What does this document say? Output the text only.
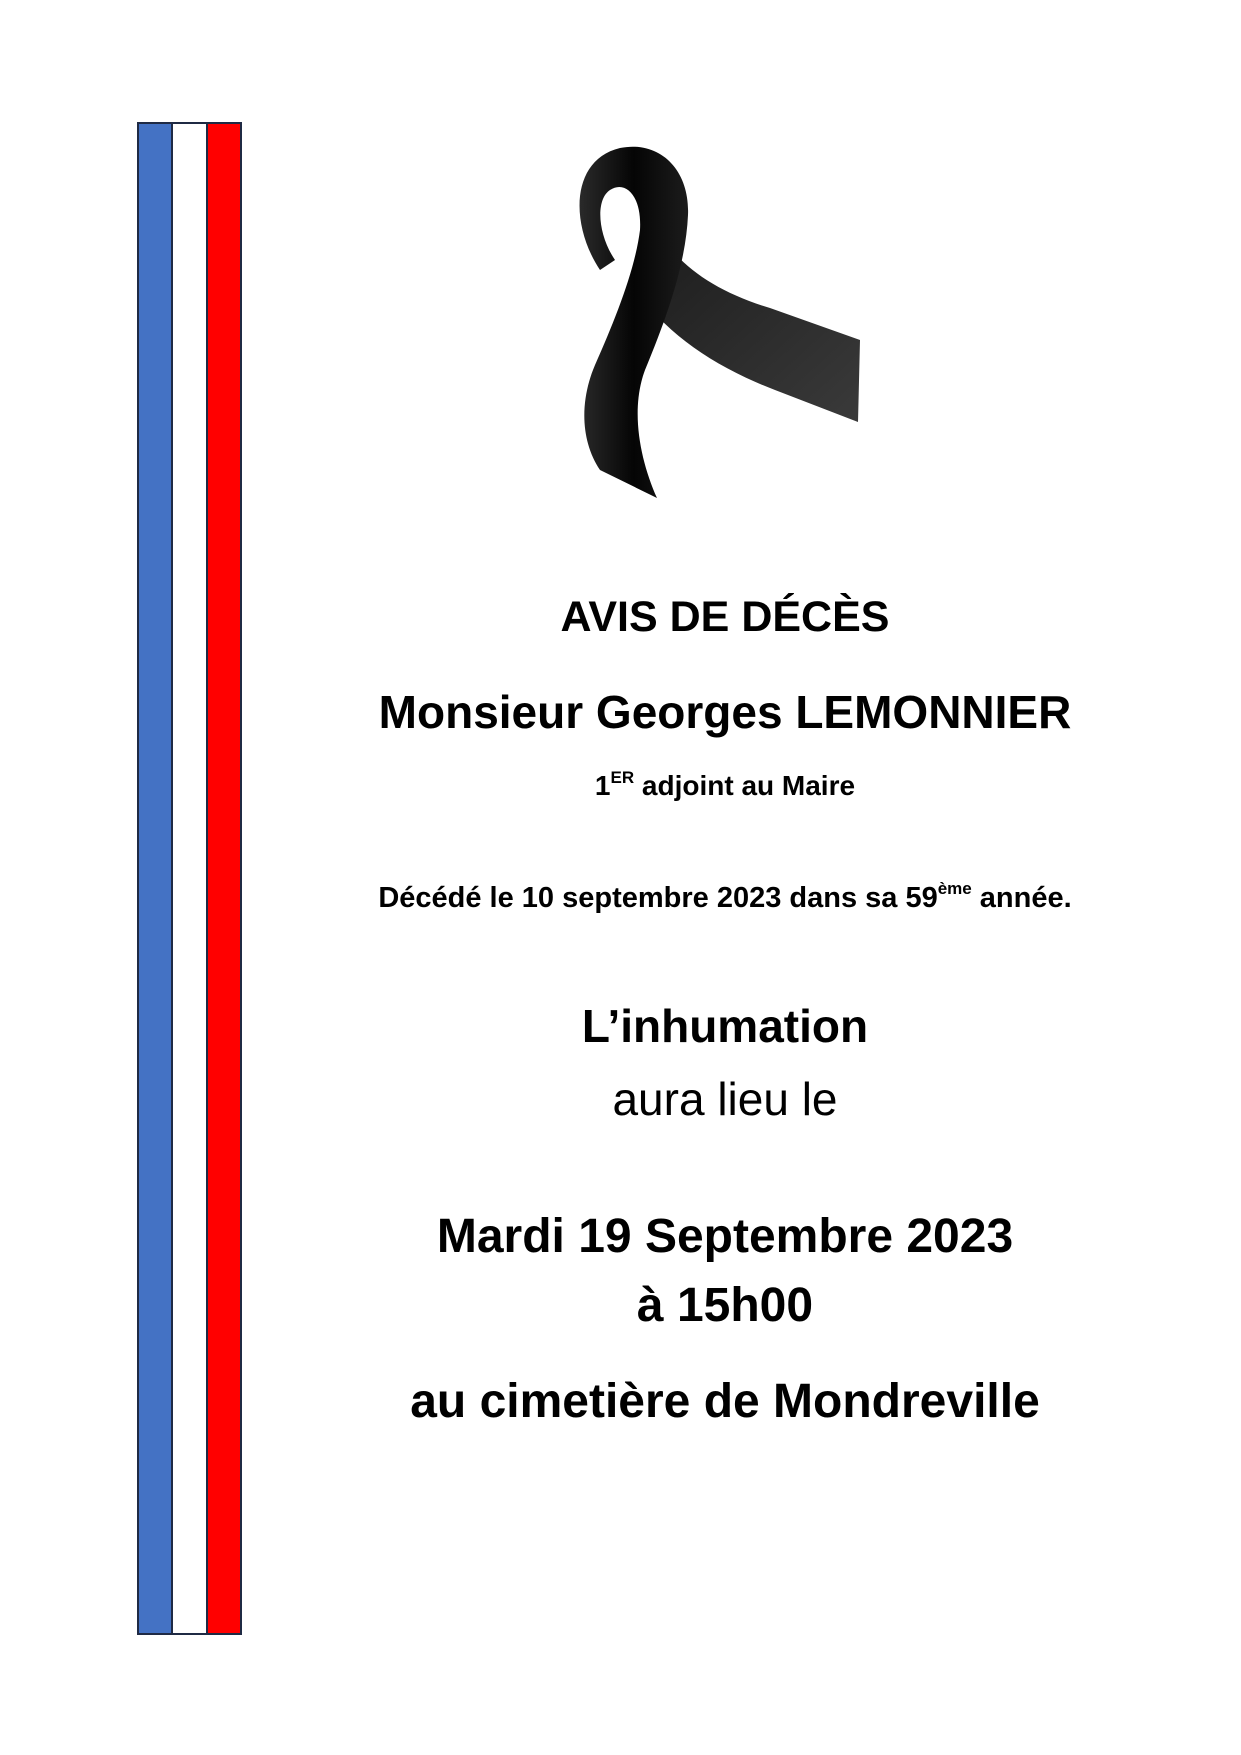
AVIS DE DÉCÈS
Monsieur Georges LEMONNIER
1ER adjoint au Maire
Décédé le 10 septembre 2023 dans sa 59ème année.
L’inhumation
aura lieu le
Mardi 19 Septembre 2023
à 15h00
au cimetière de Mondreville
